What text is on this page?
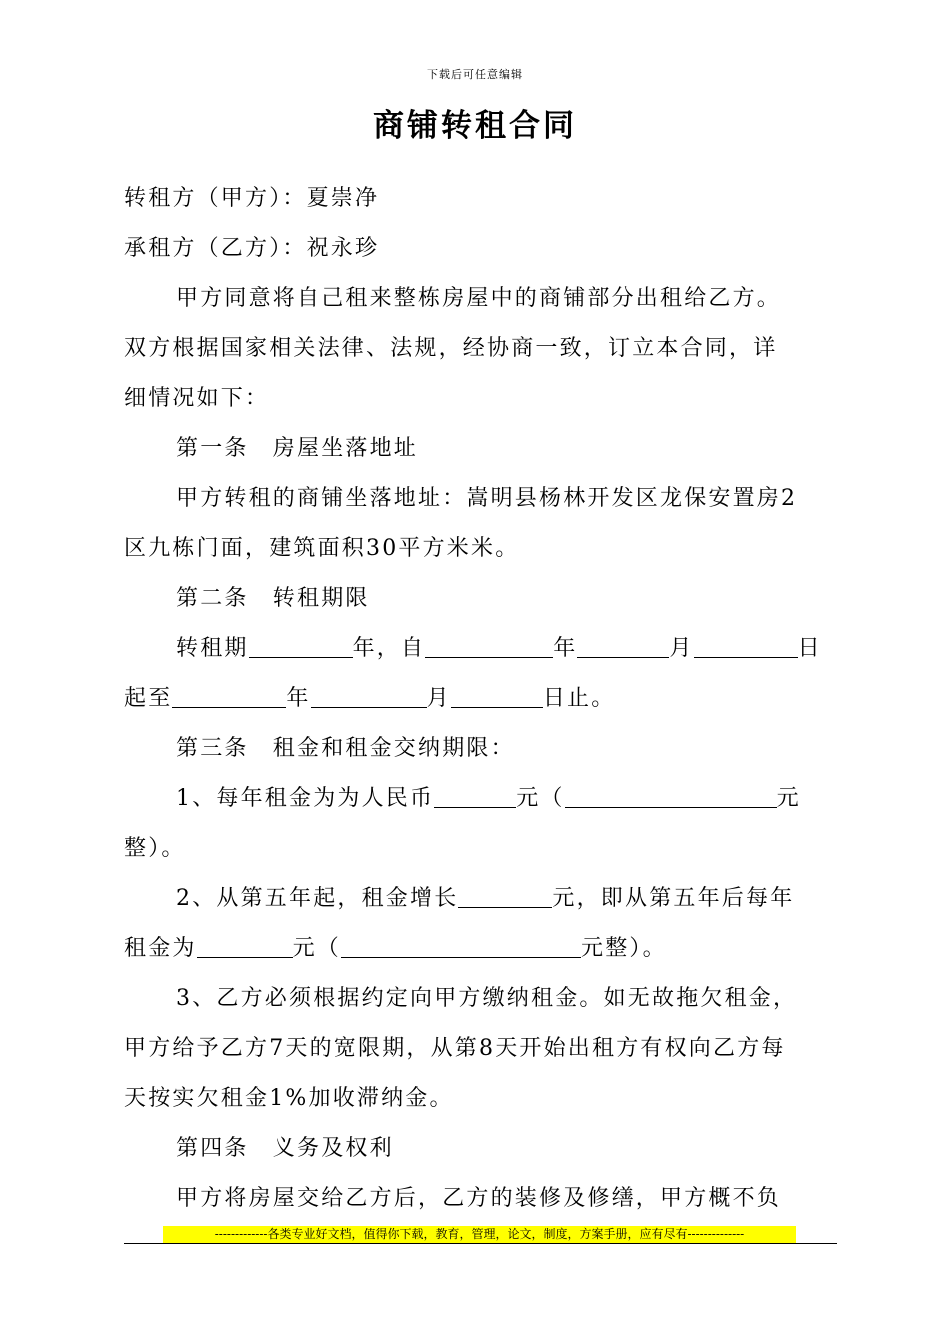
下载后可任意编辑
商铺转租合同
转租方（甲方）：夏崇净
承租方（乙方）：祝永珍
甲方同意将自己租来整栋房屋中的商铺部分出租给乙方。
双方根据国家相关法律、法规，经协商一致，订立本合同，详
细情况如下：
第一条　房屋坐落地址
甲方转租的商铺坐落地址：嵩明县杨林开发区龙保安置房2
区九栋门面，建筑面积30平方米米。
第二条　转租期限
转租期	年，自	年	月	日
起至	年	月	日止。
第三条　租金和租金交纳期限：
1、每年租金为为人民币	元（	元
整）。
2、从第五年起，租金增长	元，即从第五年后每年
租金为	元（	元整）。
3、乙方必须根据约定向甲方缴纳租金。如无故拖欠租金，
甲方给予乙方7天的宽限期，从第8天开始出租方有权向乙方每
天按实欠租金1%加收滞纳金。
第四条　义务及权利
甲方将房屋交给乙方后，乙方的装修及修缮，甲方概不负
-------------各类专业好文档，值得你下载，教育，管理，论文，制度，方案手册，应有尽有--------------
